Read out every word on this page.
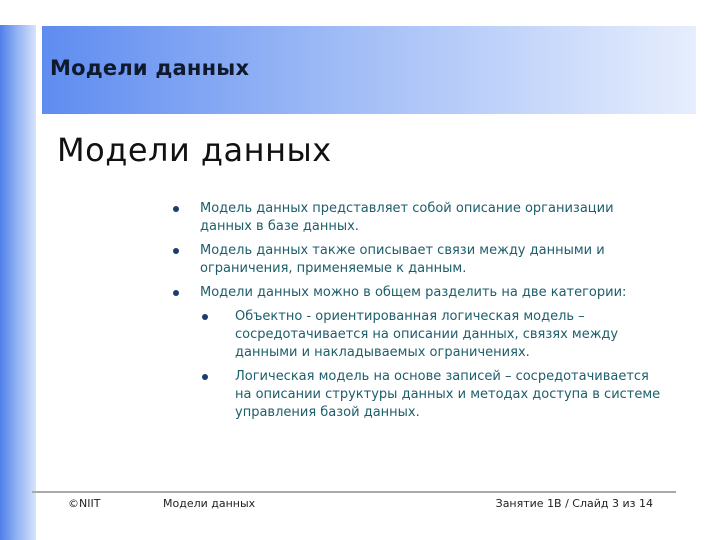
Модели данных
Модели данных
Модель данных представляет собой описание организации данных в базе данных.
Модель данных также описывает связи между данными и ограничения, применяемые к данным.
Модели данных можно в общем разделить на две категории:
Объектно - ориентированная логическая модель – сосредотачивается на описании данных, связях между данными и накладываемых ограничениях.
Логическая модель на основе записей – сосредотачивается на описании структуры данных и методах доступа в системе управления базой данных.
©NIIT	Модели данных	Занятие 1В / Слайд 3 из 14
